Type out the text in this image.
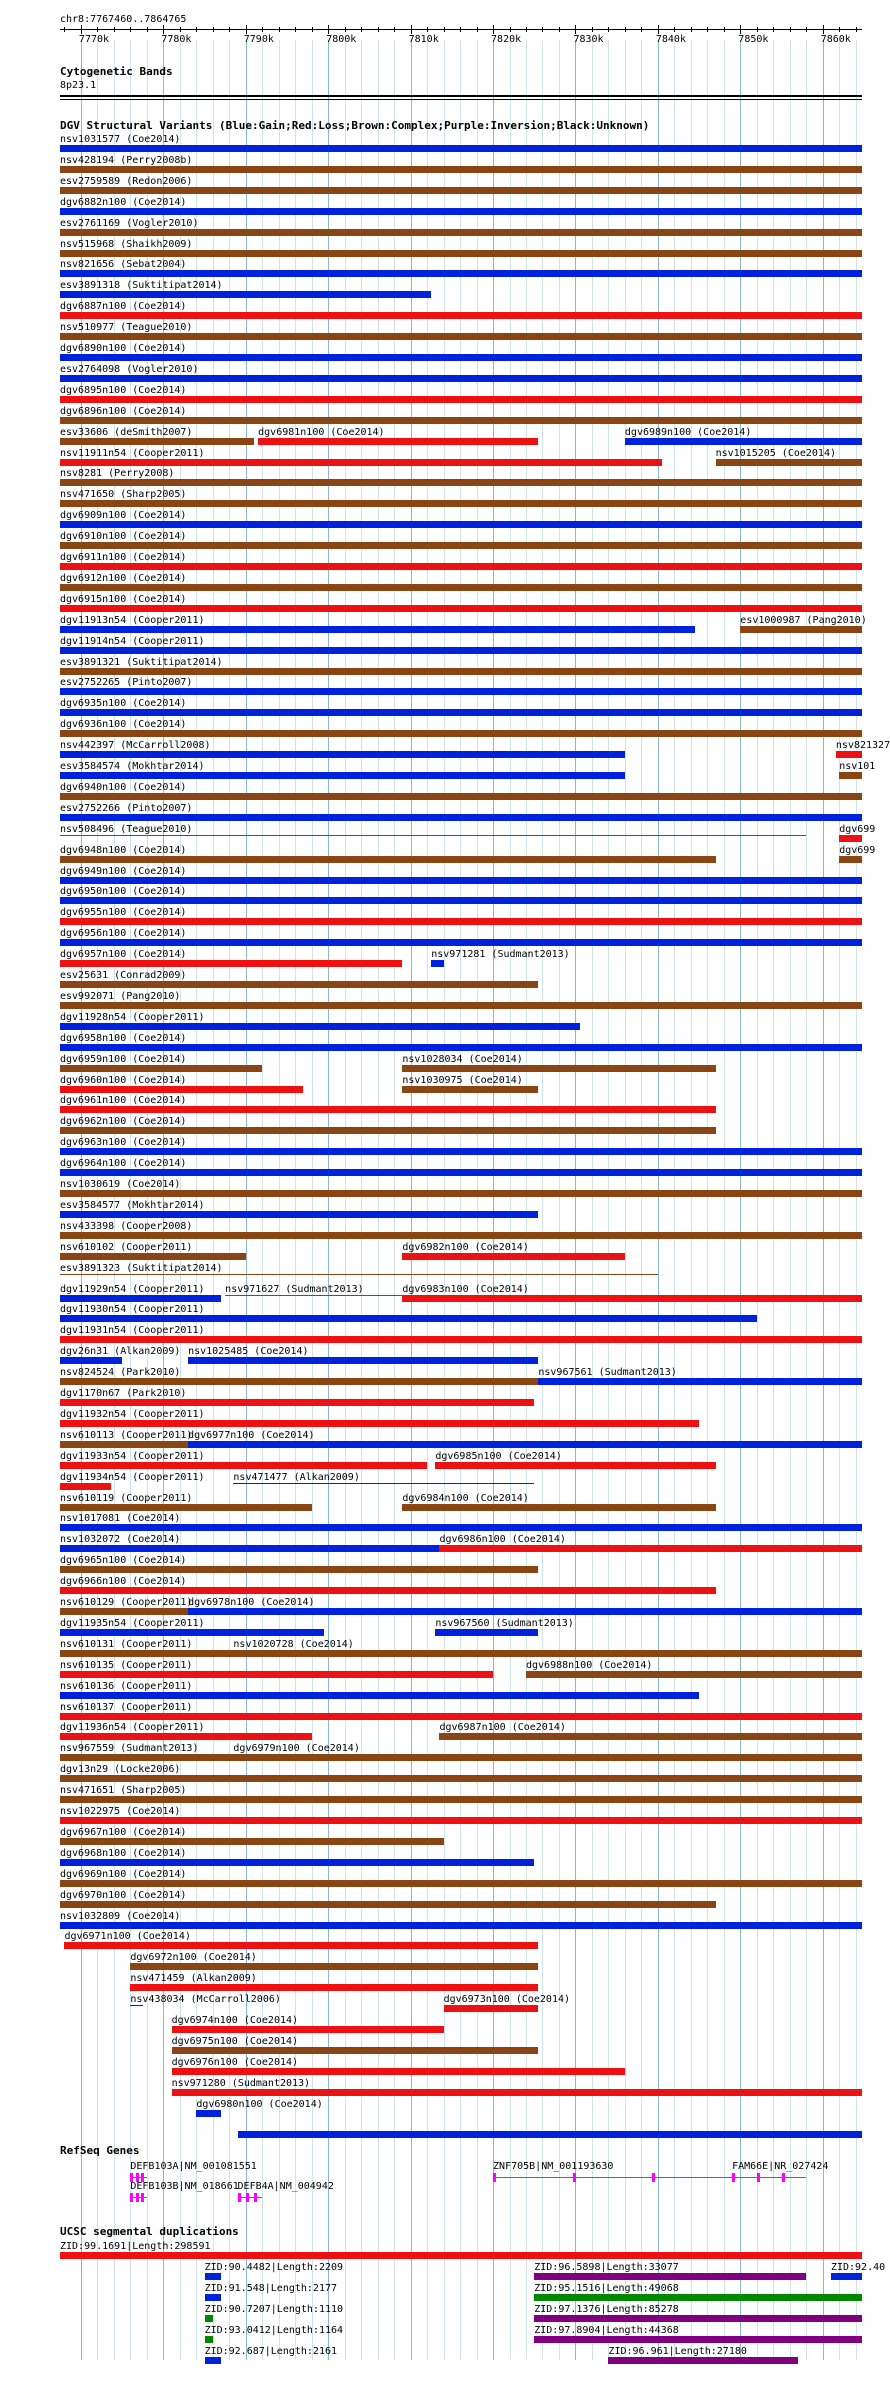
chr8:7767460..7864765
7770k	7780k	7790k	7800k	7810k	7820k	7830k	7840k	7850k	7860k
Cytogenetic Bands
8p23.1
DGV Structural Variants (Blue:Gain;Red:Loss;Brown:Complex;Purple:Inversion;Black:Unknown)
nsv1031577 (Coe2014)
nsv428194 (Perry2008b)
esv2759589 (Redon2006)
dgv6882n100 (Coe2014)
esv2761169 (Vogler2010)
nsv515968 (Shaikh2009)
nsv821656 (Sebat2004)
esv3891318 (Suktitipat2014)
dgv6887n100 (Coe2014)
nsv510977 (Teague2010)
dgv6890n100 (Coe2014)
esv2764098 (Vogler2010)
dgv6895n100 (Coe2014)
dgv6896n100 (Coe2014)
esv33606 (deSmith2007)	dgv6981n100 (Coe2014)	dgv6989n100 (Coe2014)
nsv11911n54 (Cooper2011)	nsv1015205 (Coe2014)
nsv8281 (Perry2008)
nsv471650 (Sharp2005)
dgv6909n100 (Coe2014)
dgv6910n100 (Coe2014)
dgv6911n100 (Coe2014)
dgv6912n100 (Coe2014)
dgv6915n100 (Coe2014)
dgv11913n54 (Cooper2011)	esv1000987 (Pang2010)
dgv11914n54 (Cooper2011)
esv3891321 (Suktitipat2014)
esv2752265 (Pinto2007)
dgv6935n100 (Coe2014)
dgv6936n100 (Coe2014)
nsv442397 (McCarroll2008)	nsv821327
esv3584574 (Mokhtar2014)	nsv101
dgv6940n100 (Coe2014)
esv2752266 (Pinto2007)
nsv508496 (Teague2010)	dgv699
dgv6948n100 (Coe2014)	dgv699
dgv6949n100 (Coe2014)
dgv6950n100 (Coe2014)
dgv6955n100 (Coe2014)
dgv6956n100 (Coe2014)
dgv6957n100 (Coe2014)	nsv971281 (Sudmant2013)
esv25631 (Conrad2009)
esv992071 (Pang2010)
dgv11928n54 (Cooper2011)
dgv6958n100 (Coe2014)
dgv6959n100 (Coe2014)	nsv1028034 (Coe2014)
dgv6960n100 (Coe2014)	nsv1030975 (Coe2014)
dgv6961n100 (Coe2014)
dgv6962n100 (Coe2014)
dgv6963n100 (Coe2014)
dgv6964n100 (Coe2014)
nsv1030619 (Coe2014)
esv3584577 (Mokhtar2014)
nsv433398 (Cooper2008)
nsv610102 (Cooper2011)	dgv6982n100 (Coe2014)
esv3891323 (Suktitipat2014)
dgv11929n54 (Cooper2011) nsv971627 (Sudmant2013)	dgv6983n100 (Coe2014)
dgv11930n54 (Cooper2011)
dgv11931n54 (Cooper2011)
dgv26n31 (Alkan2009) nsv1025485 (Coe2014)
nsv824524 (Park2010)	nsv967561 (Sudmant2013)
dgv1170n67 (Park2010)
dgv11932n54 (Cooper2011)
nsv610113 (Cooper2011)
dgv6977n100 (Coe2014)
dgv11933n54 (Cooper2011)	dgv6985n100 (Coe2014)
dgv11934n54 (Cooper2011)	nsv471477 (Alkan2009)
nsv610119 (Cooper2011)	dgv6984n100 (Coe2014)
nsv1017081 (Coe2014)
nsv1032072 (Coe2014)	dgv6986n100 (Coe2014)
dgv6965n100 (Coe2014)
dgv6966n100 (Coe2014)
nsv610129 (Cooper2011)
dgv6978n100 (Coe2014)
dgv11935n54 (Cooper2011)	nsv967560 (Sudmant2013)
nsv610131 (Cooper2011)	nsv1020728 (Coe2014)
nsv610135 (Cooper2011)	dgv6988n100 (Coe2014)
nsv610136 (Cooper2011)
nsv610137 (Cooper2011)
dgv11936n54 (Cooper2011)	dgv6987n100 (Coe2014)
nsv967559 (Sudmant2013)	dgv6979n100 (Coe2014)
dgv13n29 (Locke2006)
nsv471651 (Sharp2005)
nsv1022975 (Coe2014)
dgv6967n100 (Coe2014)
dgv6968n100 (Coe2014)
dgv6969n100 (Coe2014)
dgv6970n100 (Coe2014)
nsv1032809 (Coe2014)
dgv6971n100 (Coe2014)
dgv6972n100 (Coe2014)
nsv471459 (Alkan2009)
nsv438034 (McCarroll2006)	dgv6973n100 (Coe2014)
dgv6974n100 (Coe2014)
dgv6975n100 (Coe2014)
dgv6976n100 (Coe2014)
nsv971280 (Sudmant2013)
dgv6980n100 (Coe2014)
RefSeq Genes
DEFB103A|NM_001081551
DEFB103B|NM_018661
DEFB4A|NM_004942
ZNF705B|NM_001193630	FAM66E|NR_027424
UCSC segmental duplications
ZID:99.1691|Length:298591
ZID:90.4482|Length:2209	ZID:96.5898|Length:33077	ZID:92.40
ZID:91.548|Length:2177	ZID:95.1516|Length:49068
ZID:90.7207|Length:1110	ZID:97.1376|Length:85278
ZID:93.0412|Length:1164	ZID:97.8904|Length:44368
ZID:92.687|Length:2161	ZID:96.961|Length:27180
